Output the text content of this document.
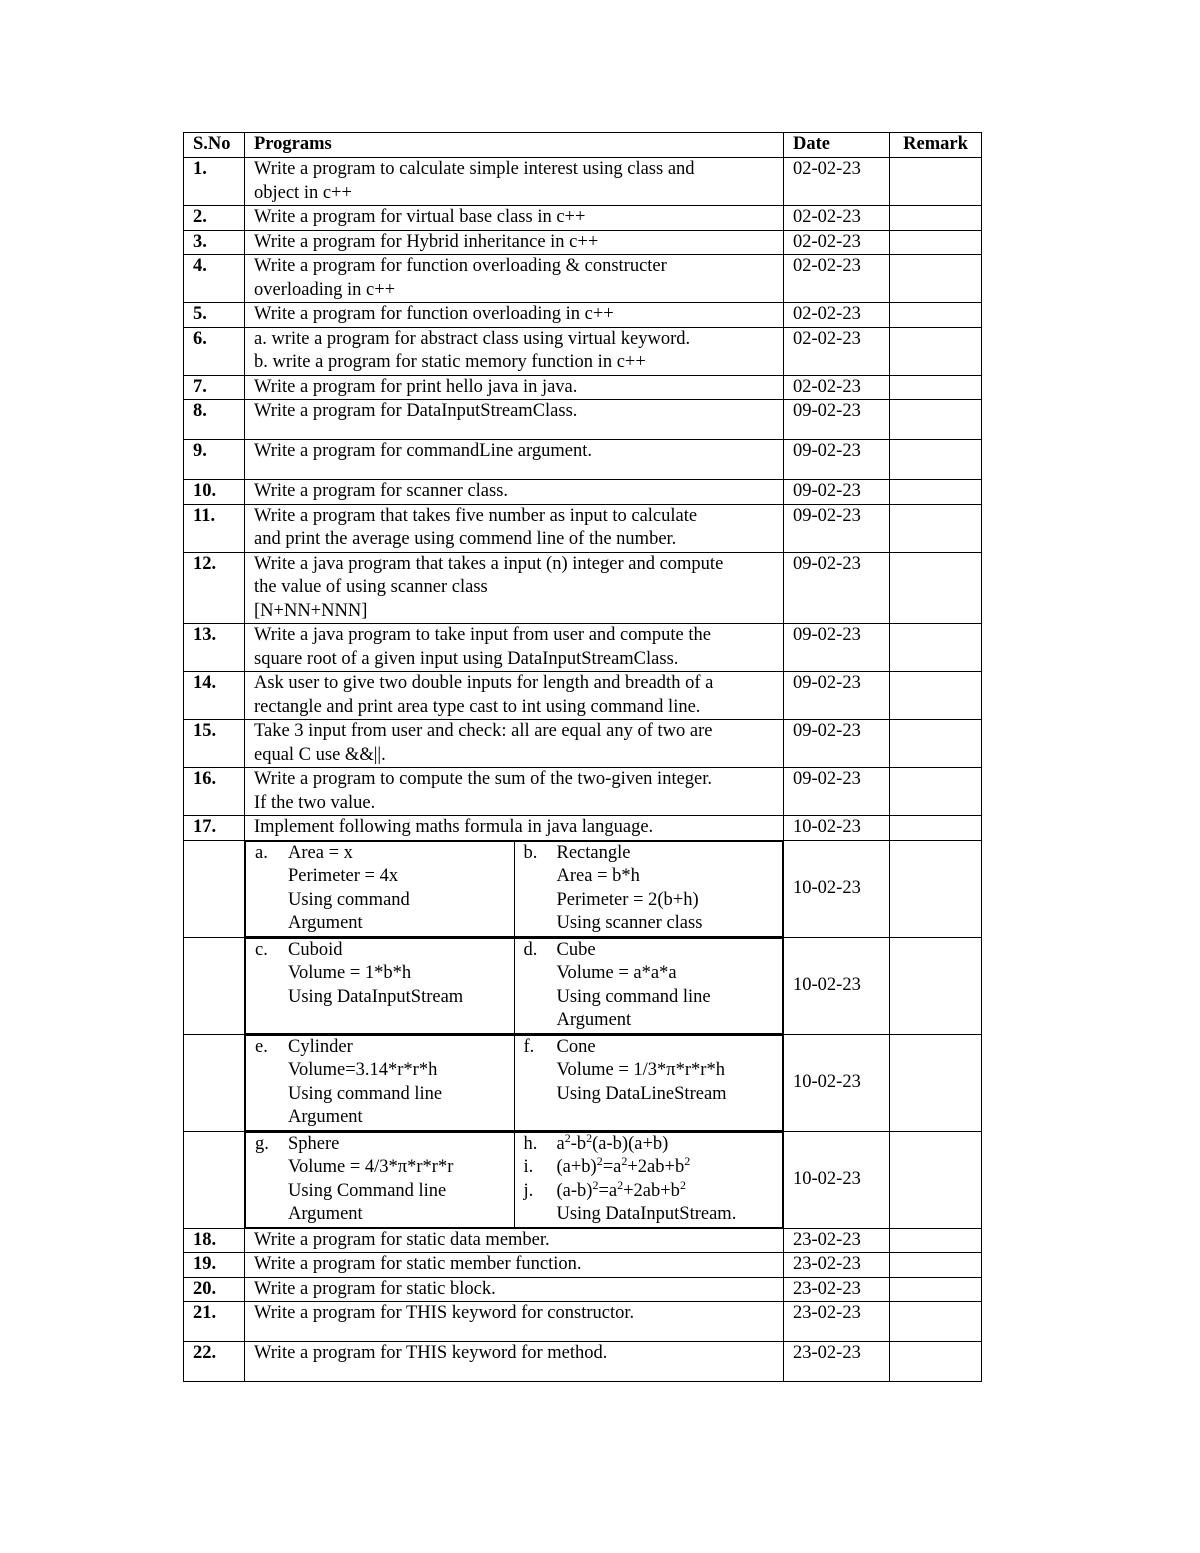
S.No	Programs	Date	Remark
1.	Write a program to calculate simple interest using class and
object in c++
	02-02-23	
2.	Write a program for virtual base class in c++	02-02-23	
3.	Write a program for Hybrid inheritance in c++	02-02-23	
4.	Write a program for function overloading & constructer
overloading in c++
	02-02-23	
5.	Write a program for function overloading in c++	02-02-23	
6.	a. write a program for abstract class using virtual keyword.
b. write a program for static memory function in c++
	02-02-23	
7.	Write a program for print hello java in java.	02-02-23	
8.	Write a program for DataInputStreamClass.	09-02-23	
9.	Write a program for commandLine argument.	09-02-23	
10.	Write a program for scanner class.	09-02-23	
11.	Write a program that takes five number as input to calculate
and print the average using commend line of the number.
	09-02-23	
12.	Write a java program that takes a input (n) integer and compute
the value of using scanner class
[N+NN+NNN]
	09-02-23	
13.	Write a java program to take input from user and compute the
square root of a given input using DataInputStreamClass.
	09-02-23	
14.	Ask user to give two double inputs for length and breadth of a
rectangle and print area type cast to int using command line.
	09-02-23	
15.	Take 3 input from user and check: all are equal any of two are
equal C use &&||.
	09-02-23	
16.	Write a program to compute the sum of the two-given integer.
If the two value.
	09-02-23	
17.	Implement following maths formula in java language.	10-02-23	

a.	Area = x
Perimeter = 4x
Using command
Argument

b.	Rectangle
Area = b*h
Perimeter = 2(b+h)
Using scanner class
	10-02-23	

c.	Cuboid
Volume = 1*b*h
Using DataInputStream

d.	Cube
Volume = a*a*a
Using command line
Argument
	10-02-23	

e.	Cylinder
Volume=3.14*r*r*h
Using command line
Argument

f.	Cone
Volume = 1/3*π*r*r*h
Using DataLineStream
	10-02-23	

g.	Sphere
Volume = 4/3*π*r*r*r
Using Command line
Argument

h.	$a^2-b^2(a-b)(a+b)$
i.	$(a+b)^2=a^2+2ab+b^2$
j.	$(a-b)^2=a^2+2ab+b^2$
Using DataInputStream.
	10-02-23	
18.	Write a program for static data member.	23-02-23	
19.	Write a program for static member function.	23-02-23	
20.	Write a program for static block.	23-02-23	
21.	Write a program for THIS keyword for constructor.	23-02-23	
22.	Write a program for THIS keyword for method.	23-02-23	
